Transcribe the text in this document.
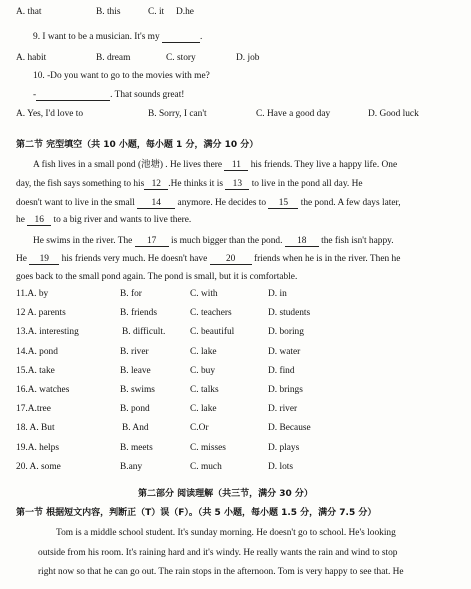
A. that	B. this	C. it D.he
9. I want to be a musician. It's my	.
A. habit	B. dream	C. story	D. job
10. -Do you want to go to the movies with me?
-	. That sounds great!
A. Yes, I'd love to	B. Sorry, I can't	C. Have a good day	D. Good luck
第二节 完型填空（共 10 小题，每小题 1 分，满分 10 分）
A fish lives in a small pond (池塘) . He lives there 11 his friends. They live a happy life. One
day, the fish says something to his 12 .He thinks it is 13 to live in the pond all day. He
doesn't want to live in the small 14 anymore. He decides to 15 the pond. A few days later,
he 16 to a big river and wants to live there.
He swims in the river. The 17 is much bigger than the pond. 18 the fish isn't happy.
He 19 his friends very much. He doesn't have 20 friends when he is in the river. Then he
goes back to the small pond again. The pond is small, but it is comfortable.
11.A. by	B. for	C. with	D. in
12 A. parents	B. friends	C. teachers	D. students
13.A. interesting	B. difficult.	C. beautiful	D. boring
14.A. pond	B. river	C. lake	D. water
15.A. take	B. leave	C. buy	D. find
16.A. watches	B. swims	C. talks	D. brings
17.A.tree	B. pond	C. lake	D. river
18. A. But	B. And	C.Or	D. Because
19.A. helps	B. meets	C. misses	D. plays
20. A. some	B.any	C. much	D. lots
第二部分 阅读理解（共三节，满分 30 分）
第一节 根据短文内容，判断正（T）误（F）。（共 5 小题，每小题 1.5 分，满分 7.5 分）
Tom is a middle school student. It's sunday morning. He doesn't go to school. He's looking
outside from his room. It's raining hard and it's windy. He really wants the rain and wind to stop
right now so that he can go out. The rain stops in the afternoon. Tom is very happy to see that. He
